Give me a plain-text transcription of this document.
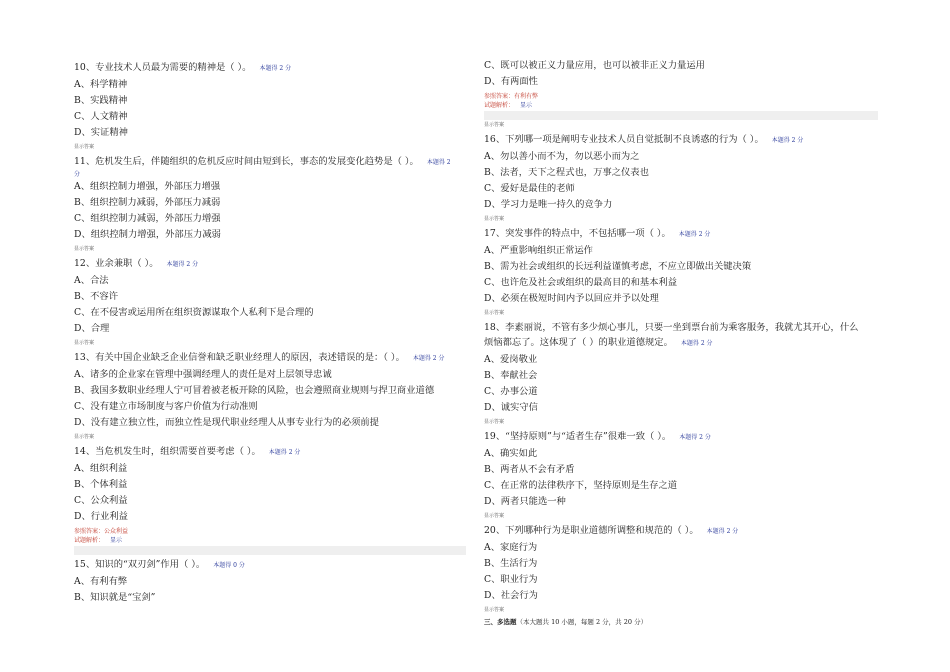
10、专业技术人员最为需要的精神是（ ）。 本题得 2 分
A、科学精神
B、实践精神
C、人文精神
D、实证精神
显示答案
11、危机发生后，伴随组织的危机反应时间由短到长，事态的发展变化趋势是（ ）。 本题得 2
分
A、组织控制力增强，外部压力增强
B、组织控制力减弱，外部压力减弱
C、组织控制力减弱，外部压力增强
D、组织控制力增强，外部压力减弱
显示答案
12、业余兼职（ ）。 本题得 2 分
A、合法
B、不容许
C、在不侵害或运用所在组织资源谋取个人私利下是合理的
D、合理
显示答案
13、有关中国企业缺乏企业信誉和缺乏职业经理人的原因，表述错误的是：（ ）。 本题得 2 分
A、诸多的企业家在管理中强调经理人的责任是对上层领导忠诚
B、我国多数职业经理人宁可冒着被老板开除的风险，也会遵照商业规则与捍卫商业道德
C、没有建立市场制度与客户价值为行动准则
D、没有建立独立性，而独立性是现代职业经理人从事专业行为的必须前提
显示答案
14、当危机发生时，组织需要首要考虑（ ）。 本题得 2 分
A、组织利益
B、个体利益
C、公众利益
D、行业利益
参照答案：公众利益
试题解析： 显示
15、知识的“双刃剑”作用（ ）。 本题得 0 分
A、有利有弊
B、知识就是“宝剑”
C、既可以被正义力量应用，也可以被非正义力量运用
D、有两面性
参照答案：有利有弊
试题解析： 显示
显示答案
16、下列哪一项是阐明专业技术人员自觉抵制不良诱惑的行为（ ）。 本题得 2 分
A、勿以善小而不为，勿以恶小而为之
B、法者，天下之程式也，万事之仪表也
C、爱好是最佳的老师
D、学习力是唯一持久的竞争力
显示答案
17、突发事件的特点中，不包括哪一项（ ）。 本题得 2 分
A、严重影响组织正常运作
B、需为社会或组织的长远利益谨慎考虑，不应立即做出关键决策
C、也许危及社会或组织的最高目的和基本利益
D、必须在极短时间内予以回应并予以处理
显示答案
18、李素丽说，不管有多少烦心事儿，只要一坐到票台前为乘客服务，我就尤其开心，什么
烦恼都忘了。这体现了（ ）的职业道德规定。 本题得 2 分
A、爱岗敬业
B、奉献社会
C、办事公道
D、诚实守信
显示答案
19、“坚持原则”与“适者生存”很难一致（ ）。 本题得 2 分
A、确实如此
B、两者从不会有矛盾
C、在正常的法律秩序下，坚持原则是生存之道
D、两者只能选一种
显示答案
20、下列哪种行为是职业道德所调整和规范的（ ）。 本题得 2 分
A、家庭行为
B、生活行为
C、职业行为
D、社会行为
显示答案
三、多选题（本大题共 10 小题，每题 2 分，共 20 分）
